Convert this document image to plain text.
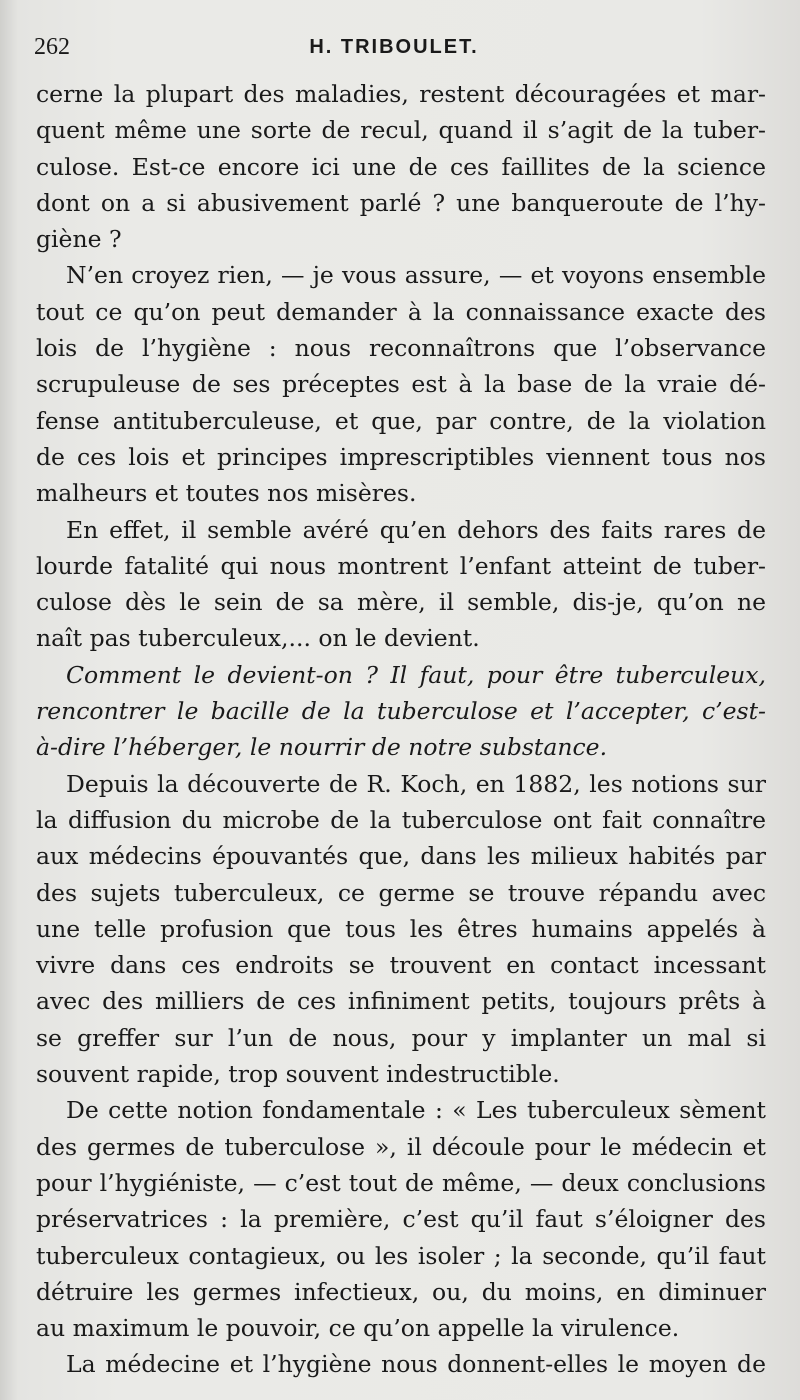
262	H. TRIBOULET.
cerne la plupart des maladies, restent découragées et mar-
quent même une sorte de recul, quand il s’agit de la tuber-
culose. Est-ce encore ici une de ces faillites de la science
dont on a si abusivement parlé ? une banqueroute de l’hy-
giène ?
N’en croyez rien, — je vous assure, — et voyons ensemble
tout ce qu’on peut demander à la connaissance exacte des
lois de l’hygiène : nous reconnaîtrons que l’observance
scrupuleuse de ses préceptes est à la base de la vraie dé-
fense antituberculeuse, et que, par contre, de la violation
de ces lois et principes imprescriptibles viennent tous nos
malheurs et toutes nos misères.
En effet, il semble avéré qu’en dehors des faits rares de
lourde fatalité qui nous montrent l’enfant atteint de tuber-
culose dès le sein de sa mère, il semble, dis-je, qu’on ne
naît pas tuberculeux,... on le devient.
Comment le devient-on ? Il faut, pour être tuberculeux,
rencontrer le bacille de la tuberculose et l’accepter, c’est-
à-dire l’héberger, le nourrir de notre substance.
Depuis la découverte de R. Koch, en 1882, les notions sur
la diffusion du microbe de la tuberculose ont fait connaître
aux médecins épouvantés que, dans les milieux habités par
des sujets tuberculeux, ce germe se trouve répandu avec
une telle profusion que tous les êtres humains appelés à
vivre dans ces endroits se trouvent en contact incessant
avec des milliers de ces infiniment petits, toujours prêts à
se greffer sur l’un de nous, pour y implanter un mal si
souvent rapide, trop souvent indestructible.
De cette notion fondamentale : « Les tuberculeux sèment
des germes de tuberculose », il découle pour le médecin et
pour l’hygiéniste, — c’est tout de même, — deux conclusions
préservatrices : la première, c’est qu’il faut s’éloigner des
tuberculeux contagieux, ou les isoler ; la seconde, qu’il faut
détruire les germes infectieux, ou, du moins, en diminuer
au maximum le pouvoir, ce qu’on appelle la virulence.
La médecine et l’hygiène nous donnent-elles le moyen de
